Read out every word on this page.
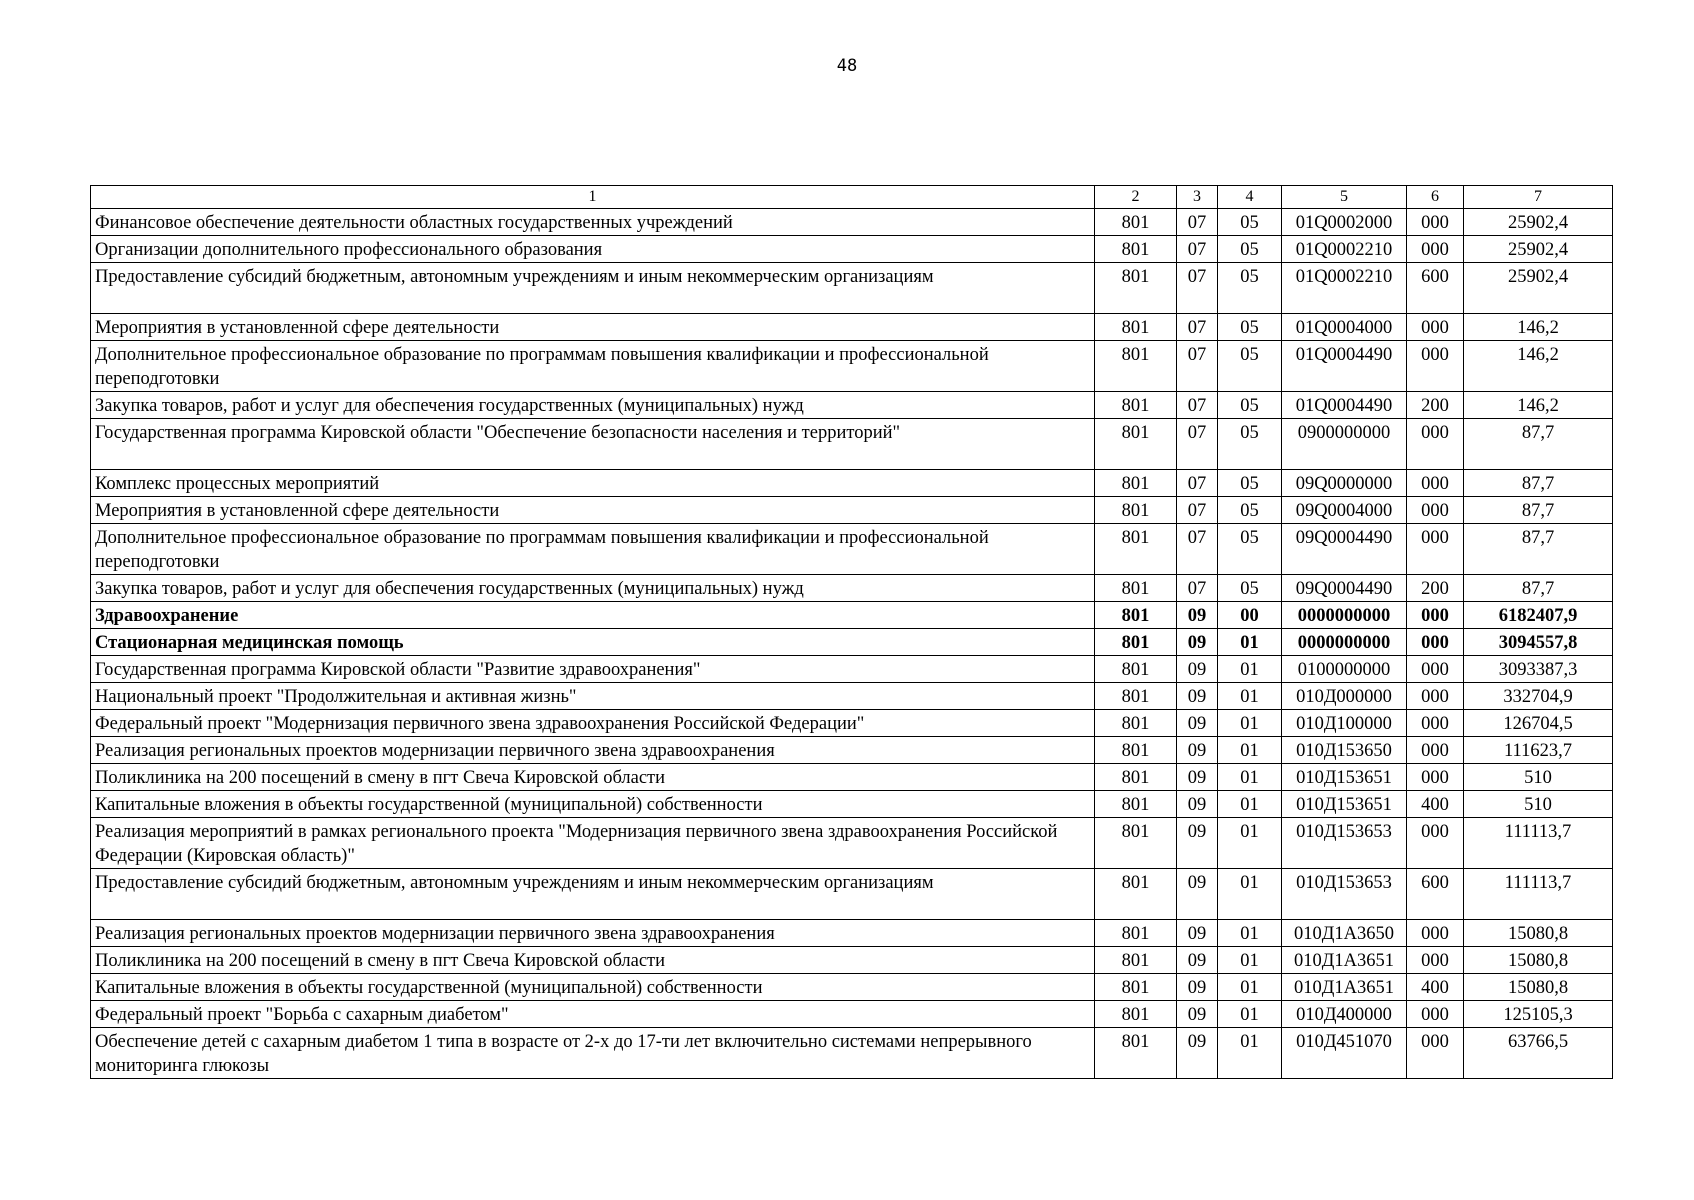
48
1	2	3	4	5	6	7
Финансовое обеспечение деятельности областных государственных учреждений	801	07	05	01Q0002000	000	25902,4
Организации дополнительного профессионального образования	801	07	05	01Q0002210	000	25902,4
Предоставление субсидий бюджетным, автономным учреждениям и иным некоммерческим организациям	801	07	05	01Q0002210	600	25902,4
Мероприятия в установленной сфере деятельности	801	07	05	01Q0004000	000	146,2
Дополнительное профессиональное образование по программам повышения квалификации и профессиональной переподготовки	801	07	05	01Q0004490	000	146,2
Закупка товаров, работ и услуг для обеспечения государственных (муниципальных) нужд	801	07	05	01Q0004490	200	146,2
Государственная программа Кировской области "Обеспечение безопасности населения и территорий"	801	07	05	0900000000	000	87,7
Комплекс процессных мероприятий	801	07	05	09Q0000000	000	87,7
Мероприятия в установленной сфере деятельности	801	07	05	09Q0004000	000	87,7
Дополнительное профессиональное образование по программам повышения квалификации и профессиональной переподготовки	801	07	05	09Q0004490	000	87,7
Закупка товаров, работ и услуг для обеспечения государственных (муниципальных) нужд	801	07	05	09Q0004490	200	87,7
Здравоохранение	801	09	00	0000000000	000	6182407,9
Стационарная медицинская помощь	801	09	01	0000000000	000	3094557,8
Государственная программа Кировской области "Развитие здравоохранения"	801	09	01	0100000000	000	3093387,3
Национальный проект "Продолжительная и активная жизнь"	801	09	01	010Д000000	000	332704,9
Федеральный проект "Модернизация первичного звена здравоохранения Российской Федерации"	801	09	01	010Д100000	000	126704,5
Реализация региональных проектов модернизации первичного звена здравоохранения	801	09	01	010Д153650	000	111623,7
Поликлиника на 200 посещений в смену в пгт Свеча Кировской области	801	09	01	010Д153651	000	510
Капитальные вложения в объекты государственной (муниципальной) собственности	801	09	01	010Д153651	400	510
Реализация мероприятий в рамках регионального проекта "Модернизация первичного звена здравоохранения Российской Федерации (Кировская область)"	801	09	01	010Д153653	000	111113,7
Предоставление субсидий бюджетным, автономным учреждениям и иным некоммерческим организациям	801	09	01	010Д153653	600	111113,7
Реализация региональных проектов модернизации первичного звена здравоохранения	801	09	01	010Д1А3650	000	15080,8
Поликлиника на 200 посещений в смену в пгт Свеча Кировской области	801	09	01	010Д1А3651	000	15080,8
Капитальные вложения в объекты государственной (муниципальной) собственности	801	09	01	010Д1А3651	400	15080,8
Федеральный проект "Борьба с сахарным диабетом"	801	09	01	010Д400000	000	125105,3
Обеспечение детей с сахарным диабетом 1 типа в возрасте от 2-х до 17-ти лет включительно системами непрерывного мониторинга глюкозы	801	09	01	010Д451070	000	63766,5
